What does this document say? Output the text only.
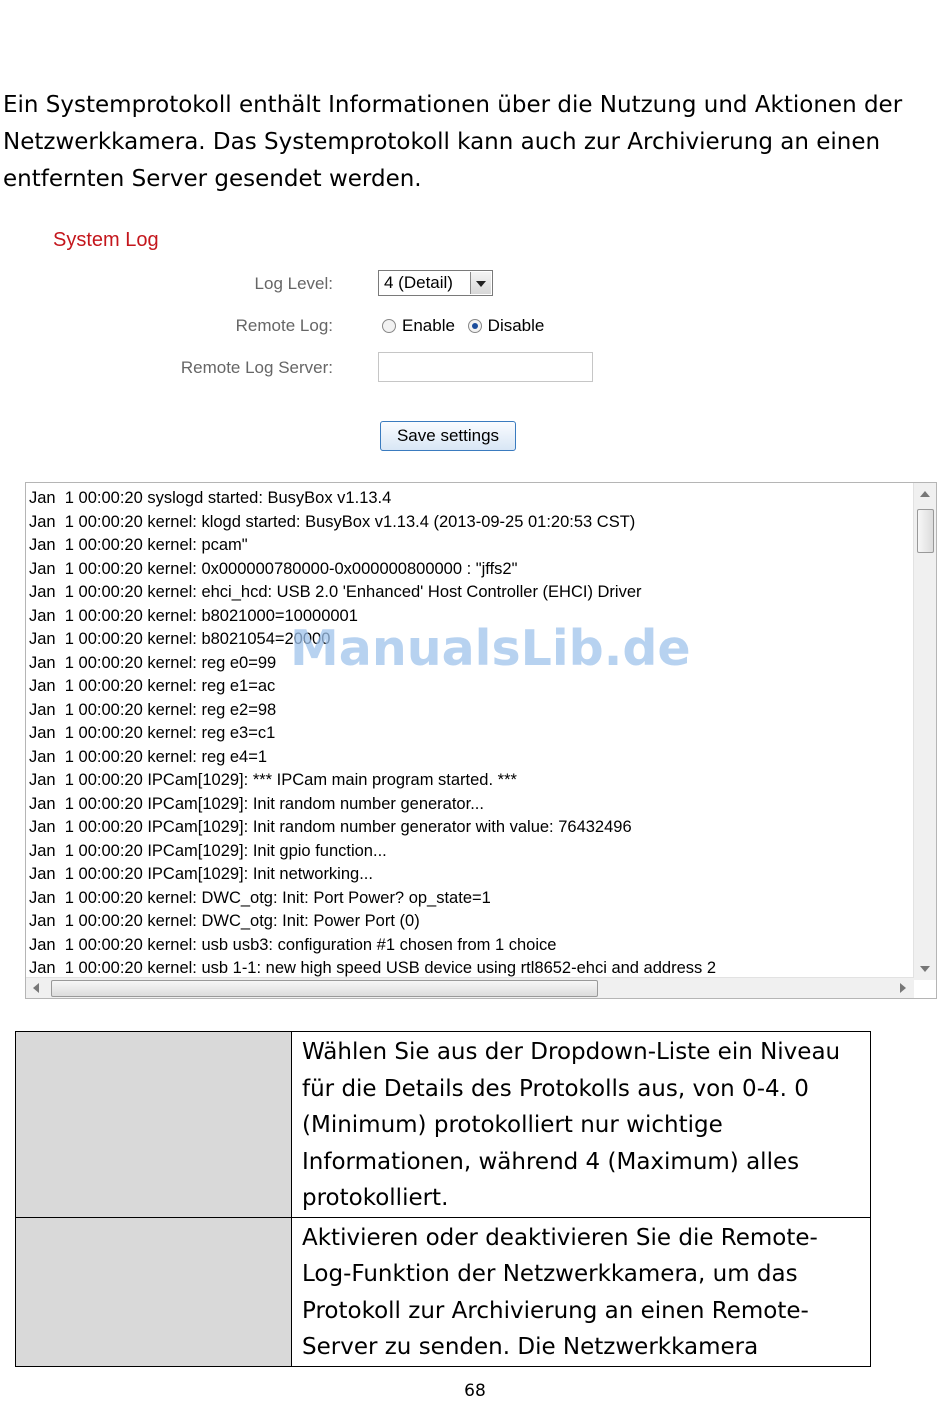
Ein Systemprotokoll enthält Informationen über die Nutzung und Aktionen der Netzwerkkamera. Das Systemprotokoll kann auch zur Archivierung an einen entfernten Server gesendet werden.

System Log
Log Level:	4 (Detail)
Remote Log:	Enable Disable
Remote Log Server:
Save settings
Jan  1 00:00:20 syslogd started: BusyBox v1.13.4
Jan  1 00:00:20 kernel: klogd started: BusyBox v1.13.4 (2013-09-25 01:20:53 CST)
Jan  1 00:00:20 kernel: pcam"
Jan  1 00:00:20 kernel: 0x000000780000-0x000000800000 : "jffs2"
Jan  1 00:00:20 kernel: ehci_hcd: USB 2.0 'Enhanced' Host Controller (EHCI) Driver
Jan  1 00:00:20 kernel: b8021000=10000001
Jan  1 00:00:20 kernel: b8021054=20000
Jan  1 00:00:20 kernel: reg e0=99
Jan  1 00:00:20 kernel: reg e1=ac
Jan  1 00:00:20 kernel: reg e2=98
Jan  1 00:00:20 kernel: reg e3=c1
Jan  1 00:00:20 kernel: reg e4=1
Jan  1 00:00:20 IPCam[1029]: *** IPCam main program started. ***
Jan  1 00:00:20 IPCam[1029]: Init random number generator...
Jan  1 00:00:20 IPCam[1029]: Init random number generator with value: 76432496
Jan  1 00:00:20 IPCam[1029]: Init gpio function...
Jan  1 00:00:20 IPCam[1029]: Init networking...
Jan  1 00:00:20 kernel: DWC_otg: Init: Port Power? op_state=1
Jan  1 00:00:20 kernel: DWC_otg: Init: Power Port (0)
Jan  1 00:00:20 kernel: usb usb3: configuration #1 chosen from 1 choice
Jan  1 00:00:20 kernel: usb 1-1: new high speed USB device using rtl8652-ehci and address 2
ManualsLib.de
	Wählen Sie aus der Dropdown-Liste ein Niveau für die Details des Protokolls aus, von 0-4. 0 (Minimum) protokolliert nur wichtige Informationen, während 4 (Maximum) alles protokolliert.
	Aktivieren oder deaktivieren Sie die Remote-Log-Funktion der Netzwerkkamera, um das Protokoll zur Archivierung an einen Remote-Server zu senden. Die Netzwerkkamera
68
